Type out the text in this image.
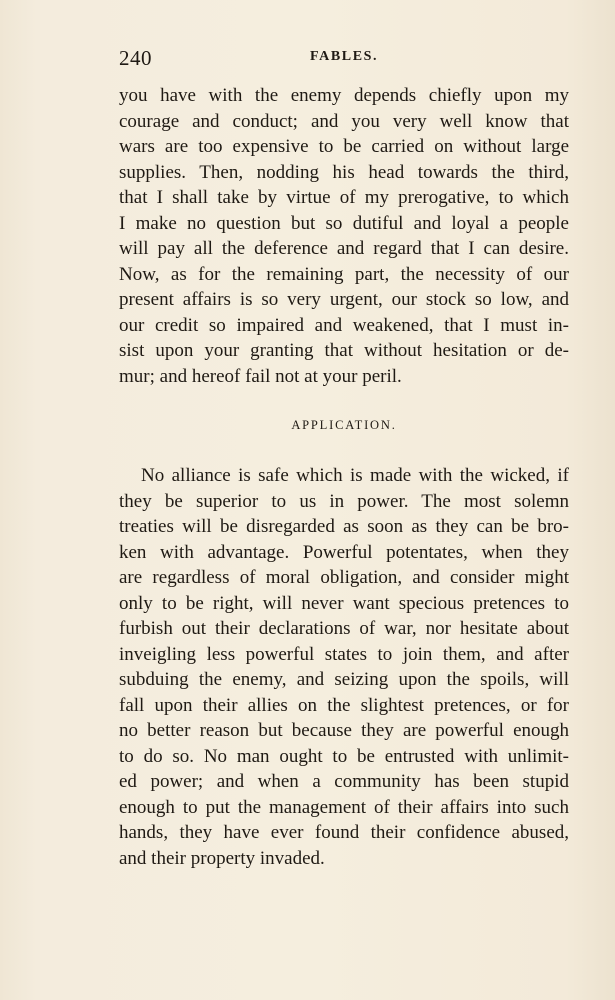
240	FABLES.
you have with the enemy depends chiefly upon my
courage and conduct; and you very well know that
wars are too expensive to be carried on without large
supplies. Then, nodding his head towards the third,
that I shall take by virtue of my prerogative, to which
I make no question but so dutiful and loyal a people
will pay all the deference and regard that I can desire.
Now, as for the remaining part, the necessity of our
present affairs is so very urgent, our stock so low, and
our credit so impaired and weakened, that I must in-
sist upon your granting that without hesitation or de-
mur; and hereof fail not at your peril.
APPLICATION.
No alliance is safe which is made with the wicked, if
they be superior to us in power. The most solemn
treaties will be disregarded as soon as they can be bro-
ken with advantage. Powerful potentates, when they
are regardless of moral obligation, and consider might
only to be right, will never want specious pretences to
furbish out their declarations of war, nor hesitate about
inveigling less powerful states to join them, and after
subduing the enemy, and seizing upon the spoils, will
fall upon their allies on the slightest pretences, or for
no better reason but because they are powerful enough
to do so. No man ought to be entrusted with unlimit-
ed power; and when a community has been stupid
enough to put the management of their affairs into such
hands, they have ever found their confidence abused,
and their property invaded.
